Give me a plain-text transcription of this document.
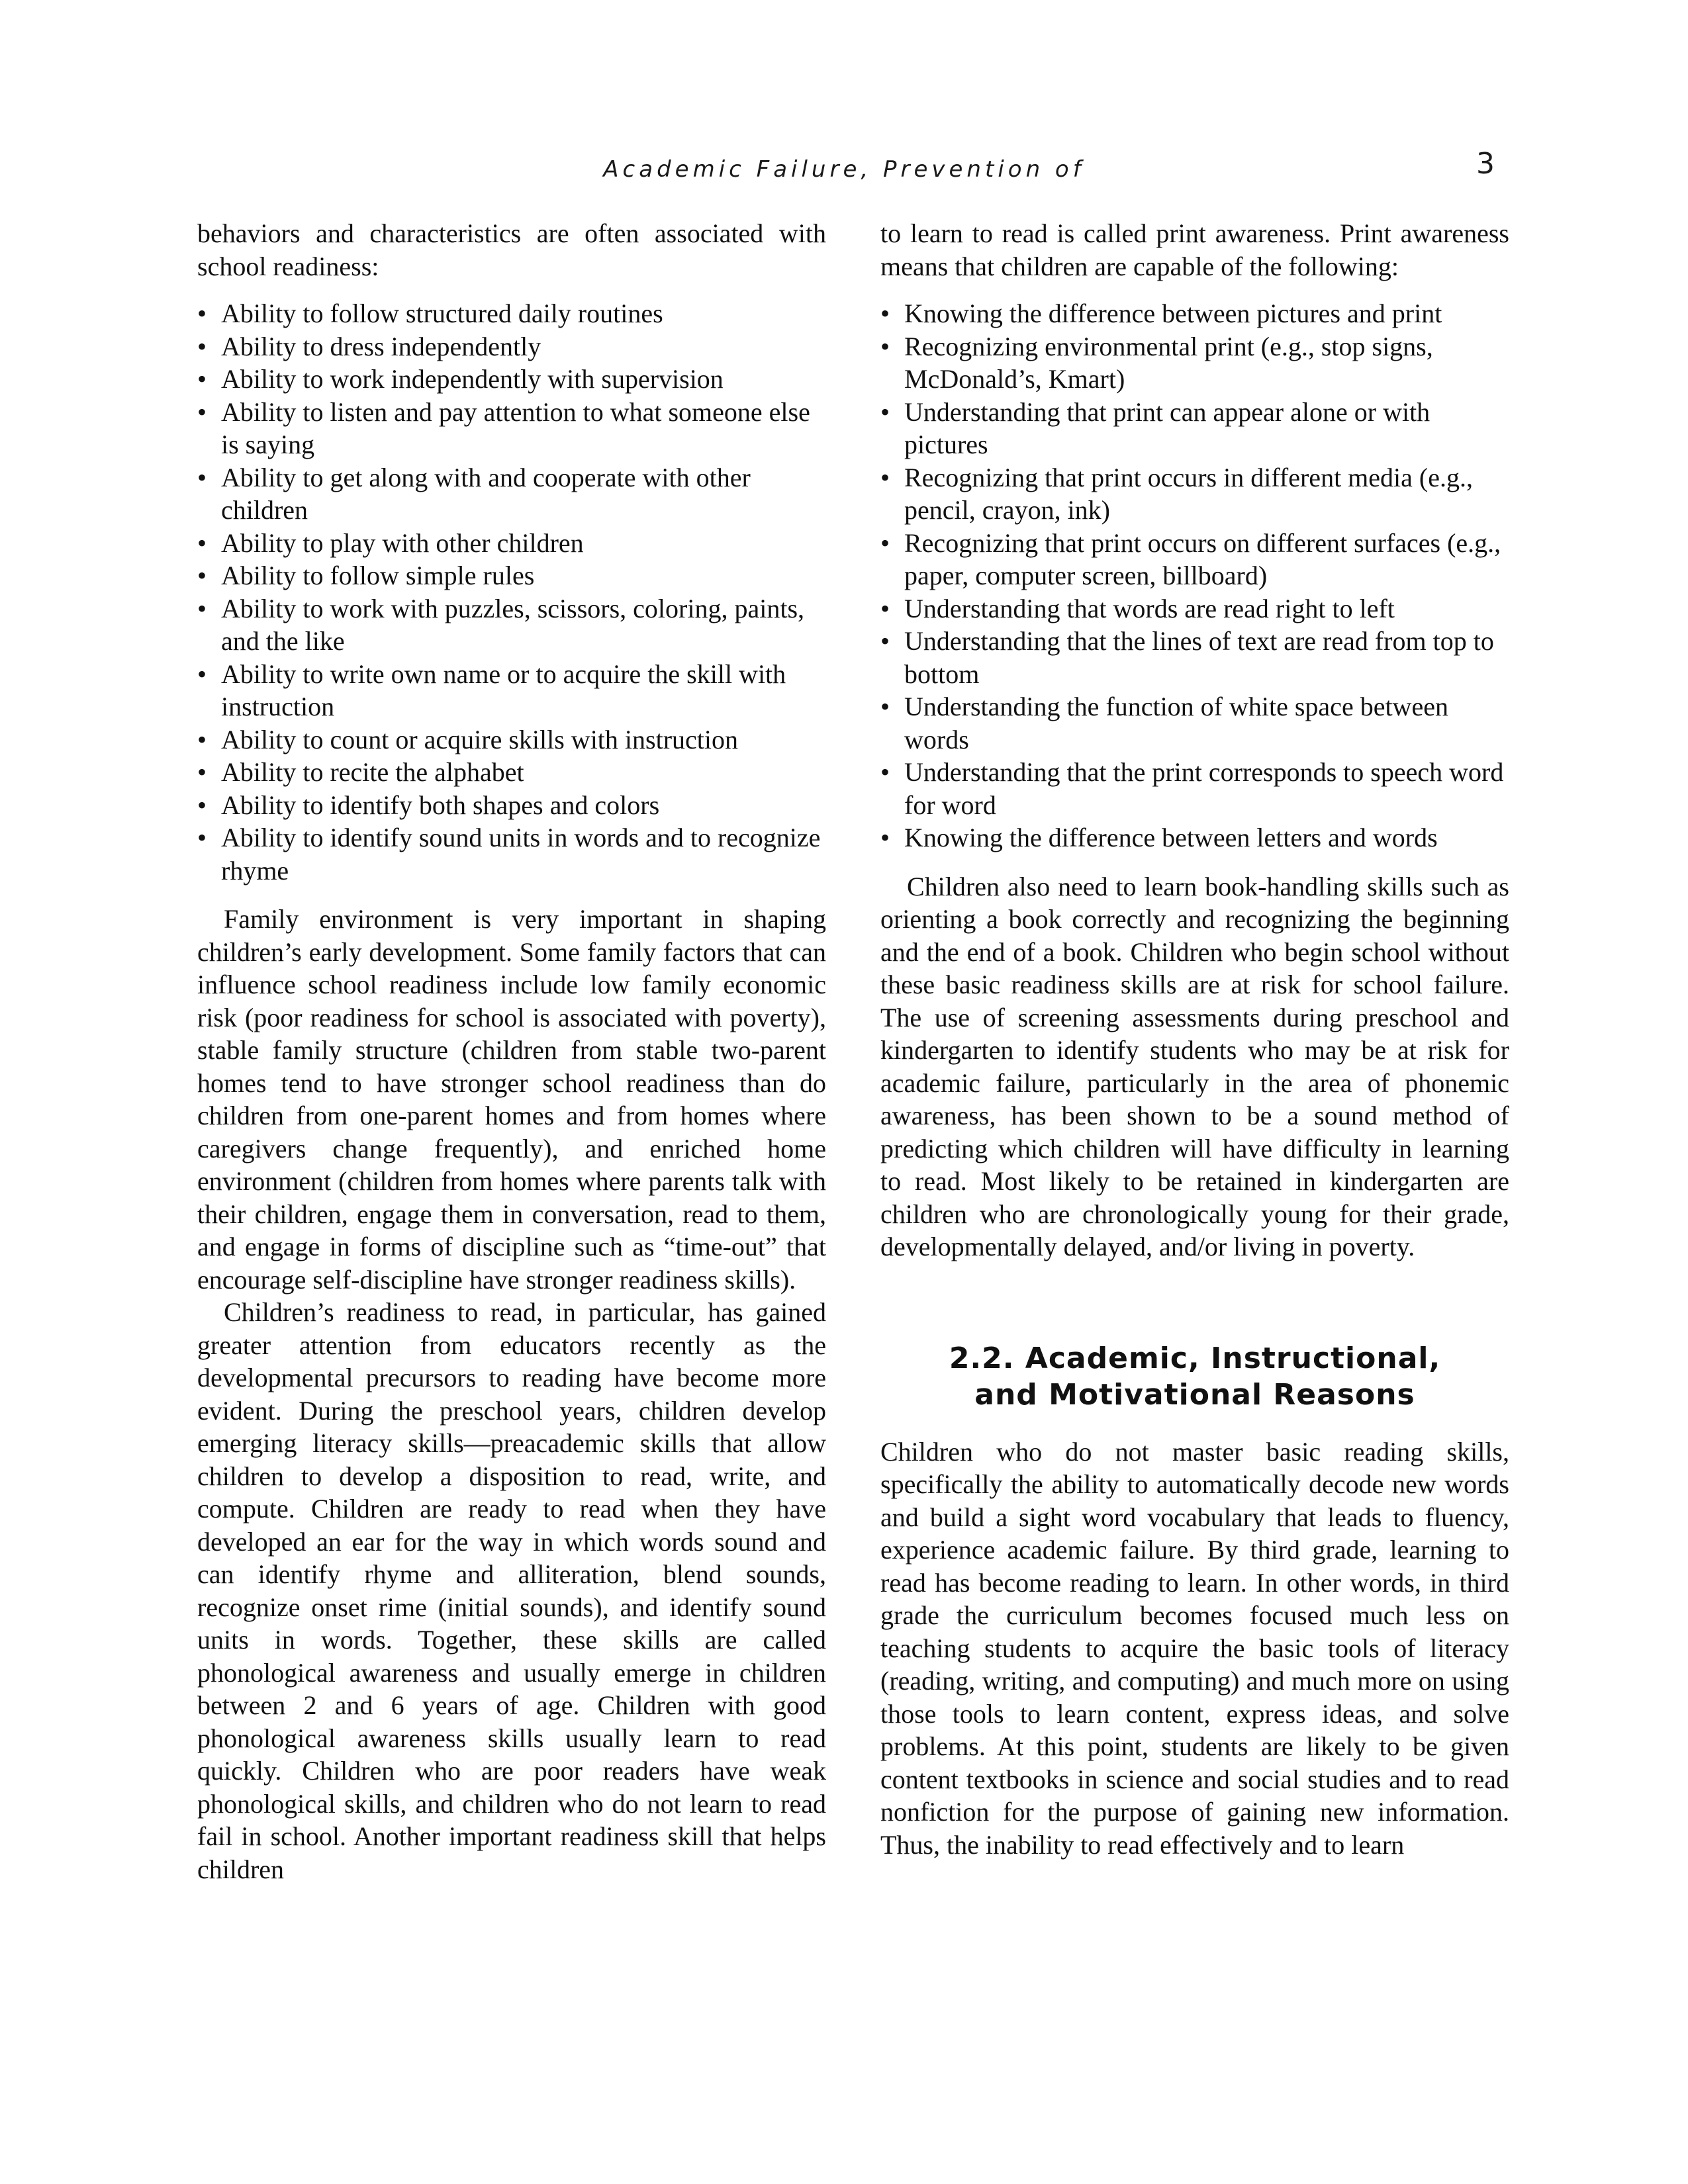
Academic Failure, Prevention of	3

behaviors and characteristics are often associated with school readiness:

• Ability to follow structured daily routines
• Ability to dress independently
• Ability to work independently with supervision
• Ability to listen and pay attention to what someone else is saying
• Ability to get along with and cooperate with other children
• Ability to play with other children
• Ability to follow simple rules
• Ability to work with puzzles, scissors, coloring, paints, and the like
• Ability to write own name or to acquire the skill with instruction
• Ability to count or acquire skills with instruction
• Ability to recite the alphabet
• Ability to identify both shapes and colors
• Ability to identify sound units in words and to recognize rhyme

Family environment is very important in shaping children’s early development. Some family factors that can influence school readiness include low family economic risk (poor readiness for school is associated with poverty), stable family structure (children from stable two-parent homes tend to have stronger school readiness than do children from one-parent homes and from homes where caregivers change frequently), and enriched home environment (children from homes where parents talk with their children, engage them in conversation, read to them, and engage in forms of discipline such as “time-out” that encourage self-discipline have stronger readiness skills).

Children’s readiness to read, in particular, has gained greater attention from educators recently as the developmental precursors to reading have become more evident. During the preschool years, children develop emerging literacy skills—preacademic skills that allow children to develop a disposition to read, write, and compute. Children are ready to read when they have developed an ear for the way in which words sound and can identify rhyme and alliteration, blend sounds, recognize onset rime (initial sounds), and identify sound units in words. Together, these skills are called phonological awareness and usually emerge in children between 2 and 6 years of age. Children with good phonological awareness skills usually learn to read quickly. Children who are poor readers have weak phonological skills, and children who do not learn to read fail in school. Another important readiness skill that helps children

to learn to read is called print awareness. Print awareness means that children are capable of the following:

• Knowing the difference between pictures and print
• Recognizing environmental print (e.g., stop signs, McDonald’s, Kmart)
• Understanding that print can appear alone or with pictures
• Recognizing that print occurs in different media (e.g., pencil, crayon, ink)
• Recognizing that print occurs on different surfaces (e.g., paper, computer screen, billboard)
• Understanding that words are read right to left
• Understanding that the lines of text are read from top to bottom
• Understanding the function of white space between words
• Understanding that the print corresponds to speech word for word
• Knowing the difference between letters and words

Children also need to learn book-handling skills such as orienting a book correctly and recognizing the beginning and the end of a book. Children who begin school without these basic readiness skills are at risk for school failure. The use of screening assessments during preschool and kindergarten to identify students who may be at risk for academic failure, particularly in the area of phonemic awareness, has been shown to be a sound method of predicting which children will have difficulty in learning to read. Most likely to be retained in kindergarten are children who are chronologically young for their grade, developmentally delayed, and/or living in poverty.

2.2. Academic, Instructional,
and Motivational Reasons

Children who do not master basic reading skills, specifically the ability to automatically decode new words and build a sight word vocabulary that leads to fluency, experience academic failure. By third grade, learning to read has become reading to learn. In other words, in third grade the curriculum becomes focused much less on teaching students to acquire the basic tools of literacy (reading, writing, and computing) and much more on using those tools to learn content, express ideas, and solve problems. At this point, students are likely to be given content textbooks in science and social studies and to read nonfiction for the purpose of gaining new information. Thus, the inability to read effectively and to learn
